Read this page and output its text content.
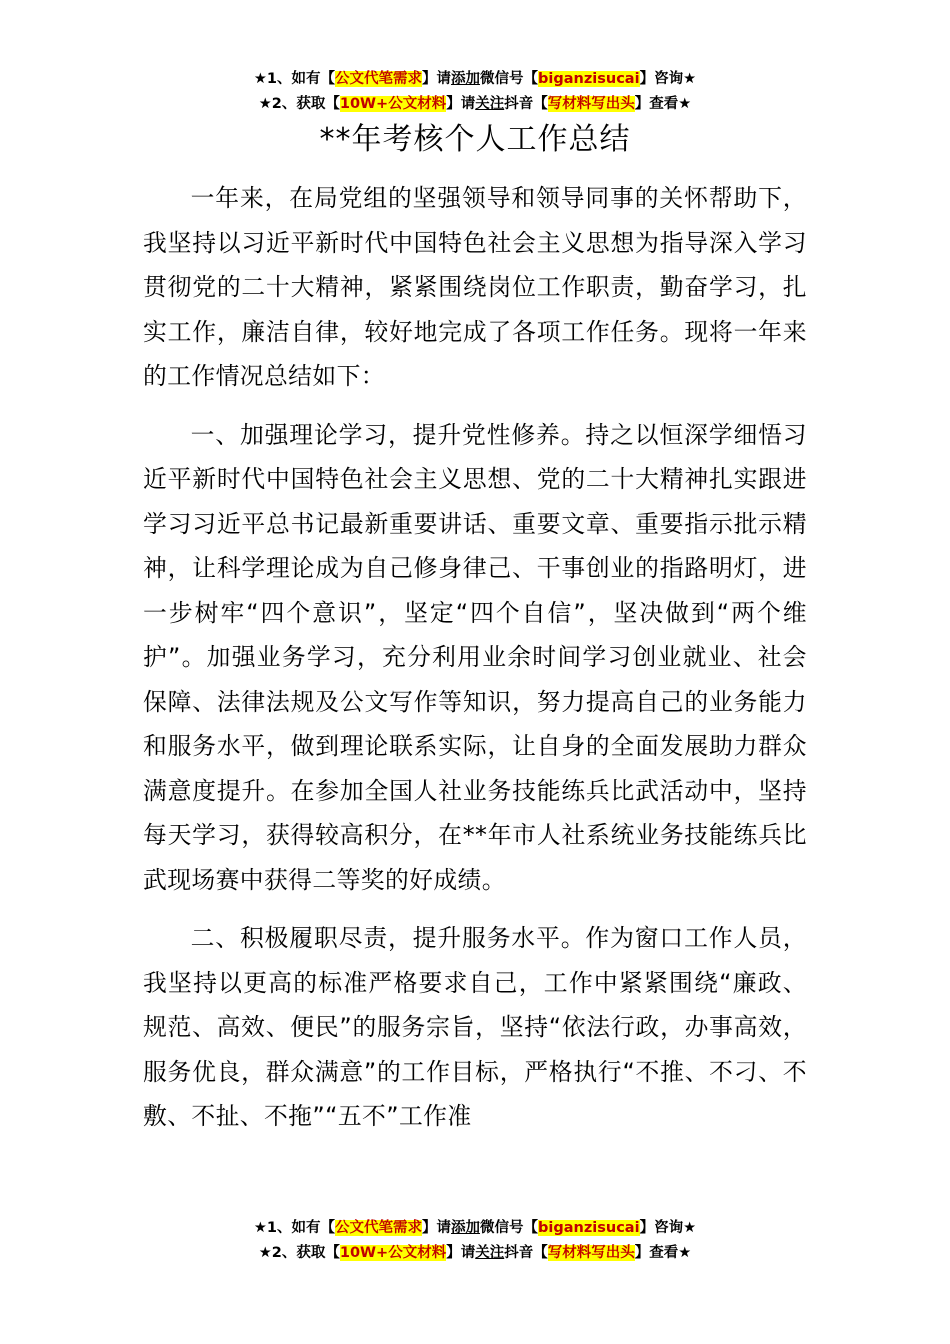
★1、如有【公文代笔需求】请添加微信号【biganzisucai】咨询★
★2、获取【10W+公文材料】请关注抖音【写材料写出头】查看★
**年考核个人工作总结

一年来，在局党组的坚强领导和领导同事的关怀帮助下，我坚持以习近平新时代中国特色社会主义思想为指导深入学习贯彻党的二十大精神，紧紧围绕岗位工作职责，勤奋学习，扎实工作，廉洁自律，较好地完成了各项工作任务。现将一年来的工作情况总结如下：

一、加强理论学习，提升党性修养。持之以恒深学细悟习近平新时代中国特色社会主义思想、党的二十大精神扎实跟进学习习近平总书记最新重要讲话、重要文章、重要指示批示精神，让科学理论成为自己修身律己、干事创业的指路明灯，进一步树牢“四个意识”，坚定“四个自信”，坚决做到“两个维护”。加强业务学习，充分利用业余时间学习创业就业、社会保障、法律法规及公文写作等知识，努力提高自己的业务能力和服务水平，做到理论联系实际，让自身的全面发展助力群众满意度提升。在参加全国人社业务技能练兵比武活动中，坚持每天学习，获得较高积分，在**年市人社系统业务技能练兵比武现场赛中获得二等奖的好成绩。

二、积极履职尽责，提升服务水平。作为窗口工作人员，我坚持以更高的标准严格要求自己，工作中紧紧围绕“廉政、规范、高效、便民”的服务宗旨，坚持“依法行政，办事高效，服务优良，群众满意”的工作目标，严格执行“不推、不刁、不敷、不扯、不拖”“五不”工作准

★1、如有【公文代笔需求】请添加微信号【biganzisucai】咨询★
★2、获取【10W+公文材料】请关注抖音【写材料写出头】查看★
